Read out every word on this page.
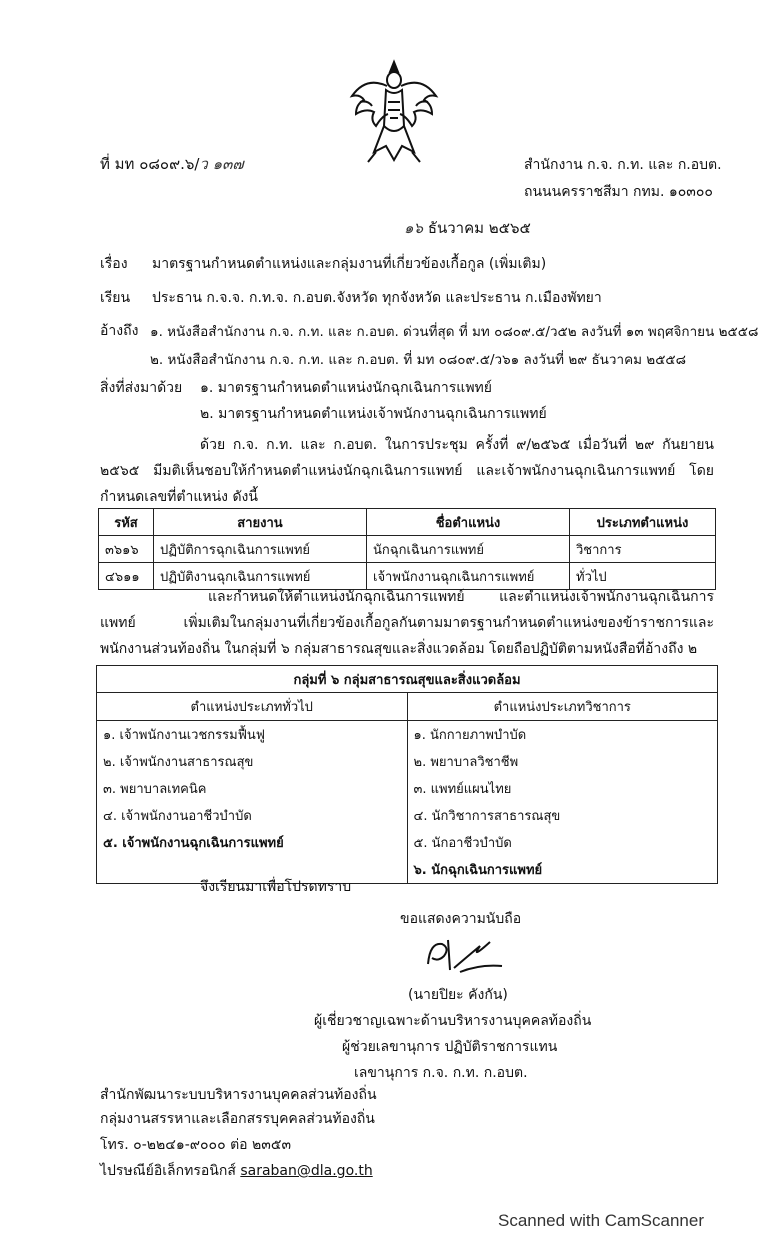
ที่ มท ๐๘๐๙.๖/ว ๑๓๗	สำนักงาน ก.จ. ก.ท. และ ก.อบต.
ถนนนครราชสีมา กทม. ๑๐๓๐๐
๑๖ ธันวาคม ๒๕๖๕
เรื่อง มาตรฐานกำหนดตำแหน่งและกลุ่มงานที่เกี่ยวข้องเกื้อกูล (เพิ่มเติม)
เรียน ประธาน ก.จ.จ. ก.ท.จ. ก.อบต.จังหวัด ทุกจังหวัด และประธาน ก.เมืองพัทยา
อ้างถึง ๑. หนังสือสำนักงาน ก.จ. ก.ท. และ ก.อบต. ด่วนที่สุด ที่ มท ๐๘๐๙.๕/ว๕๒ ลงวันที่ ๑๓ พฤศจิกายน ๒๕๕๘
๒. หนังสือสำนักงาน ก.จ. ก.ท. และ ก.อบต. ที่ มท ๐๘๐๙.๕/ว๖๑ ลงวันที่ ๒๙ ธันวาคม ๒๕๕๘
สิ่งที่ส่งมาด้วย ๑. มาตรฐานกำหนดตำแหน่งนักฉุกเฉินการแพทย์
๒. มาตรฐานกำหนดตำแหน่งเจ้าพนักงานฉุกเฉินการแพทย์
ด้วย ก.จ. ก.ท. และ ก.อบต. ในการประชุม ครั้งที่ ๙/๒๕๖๕ เมื่อวันที่ ๒๙ กันยายน ๒๕๖๕ มีมติเห็นชอบให้กำหนดตำแหน่งนักฉุกเฉินการแพทย์ และเจ้าพนักงานฉุกเฉินการแพทย์ โดยกำหนดเลขที่ตำแหน่ง ดังนี้
รหัส	สายงาน	ชื่อตำแหน่ง	ประเภทตำแหน่ง
๓๖๑๖	ปฏิบัติการฉุกเฉินการแพทย์	นักฉุกเฉินการแพทย์	วิชาการ
๔๖๑๑	ปฏิบัติงานฉุกเฉินการแพทย์	เจ้าพนักงานฉุกเฉินการแพทย์	ทั่วไป
และกำหนดให้ตำแหน่งนักฉุกเฉินการแพทย์ และตำแหน่งเจ้าพนักงานฉุกเฉินการแพทย์ เพิ่มเติมในกลุ่มงานที่เกี่ยวข้องเกื้อกูลกันตามมาตรฐานกำหนดตำแหน่งของข้าราชการและพนักงานส่วนท้องถิ่น ในกลุ่มที่ ๖ กลุ่มสาธารณสุขและสิ่งแวดล้อม โดยถือปฏิบัติตามหนังสือที่อ้างถึง ๒
กลุ่มที่ ๖ กลุ่มสาธารณสุขและสิ่งแวดล้อม	
ตำแหน่งประเภททั่วไป	ตำแหน่งประเภทวิชาการ
๑. เจ้าพนักงานเวชกรรมฟื้นฟู	๑. นักกายภาพบำบัด
๒. เจ้าพนักงานสาธารณสุข	๒. พยาบาลวิชาชีพ
๓. พยาบาลเทคนิค	๓. แพทย์แผนไทย
๔. เจ้าพนักงานอาชีวบำบัด	๔. นักวิชาการสาธารณสุข
๕. เจ้าพนักงานฉุกเฉินการแพทย์	๕. นักอาชีวบำบัด
	๖. นักฉุกเฉินการแพทย์
จึงเรียนมาเพื่อโปรดทราบ
ขอแสดงความนับถือ
(นายปิยะ คังกัน)
ผู้เชี่ยวชาญเฉพาะด้านบริหารงานบุคคลท้องถิ่น
ผู้ช่วยเลขานุการ ปฏิบัติราชการแทน
เลขานุการ ก.จ. ก.ท. ก.อบต.
สำนักพัฒนาระบบบริหารงานบุคคลส่วนท้องถิ่น
กลุ่มงานสรรหาและเลือกสรรบุคคลส่วนท้องถิ่น
โทร. ๐-๒๒๔๑-๙๐๐๐ ต่อ ๒๓๕๓
ไปรษณีย์อิเล็กทรอนิกส์ saraban@dla.go.th
Scanned with CamScanner
